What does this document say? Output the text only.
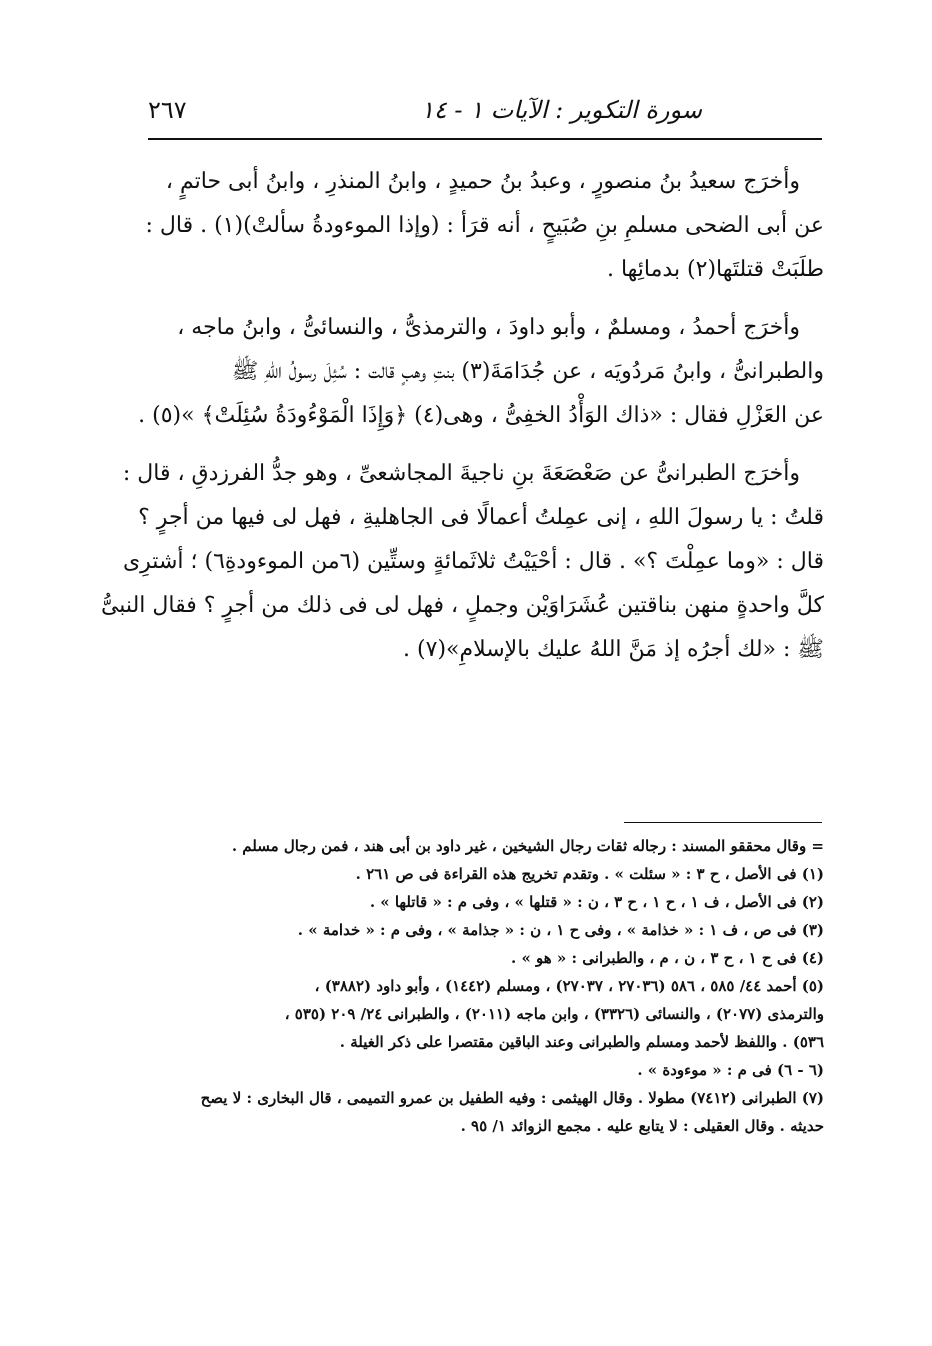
سورة التكوير : الآيات ١ - ١٤
٢٦٧
وأخرَج سعيدُ بنُ منصورٍ ، وعبدُ بنُ حميدٍ ، وابنُ المنذرِ ، وابنُ أبى حاتمٍ ،
عن أبى الضحى مسلمِ بنِ صُبَيحٍ ، أنه قرَأ : (وإذا الموءودةُ سألتْ)(١) . قال :
طلَبَتْ قتلتَها(٢) بدمائِها .
وأخرَج أحمدُ ، ومسلمٌ ، وأبو داودَ ، والترمذىُّ ، والنسائىُّ ، وابنُ ماجه ،
والطبرانىُّ ، وابنُ مَردُويَه ، عن جُدَامَةَ(٣) بنتِ وهبٍ قالت : سُئِلَ رسولُ اللهِ ﷺ
عن العَزْلِ فقال : «ذاك الوَأْدُ الخفِىُّ ، وهى(٤) ﴿وَإِذَا الْمَوْءُودَةُ سُئِلَتْ﴾ »(٥) .
وأخرَج الطبرانىُّ عن صَعْصَعَةَ بنِ ناجيةَ المجاشعىِّ ، وهو جدُّ الفرزدقِ ، قال :
قلتُ : يا رسولَ اللهِ ، إنى عمِلتُ أعمالًا فى الجاهليةِ ، فهل لى فيها من أجرٍ ؟
قال : «وما عمِلْتَ ؟» . قال : أحْيَيْتُ ثلاثَمائةٍ وستِّين (٦من الموءودةِ٦) ؛ أشترِى
كلَّ واحدةٍ منهن بناقتين عُشَرَاوَيْن وجملٍ ، فهل لى فى ذلك من أجرٍ ؟ فقال النبىُّ
ﷺ : «لك أجرُه إذ مَنَّ اللهُ عليك بالإسلامِ»(٧) .
= وقال محققو المسند : رجاله ثقات رجال الشيخين ، غير داود بن أبى هند ، فمن رجال مسلم .
(١) فى الأصل ، ح ٣ : « سئلت » . وتقدم تخريج هذه القراءة فى ص ٢٦١ .
(٢) فى الأصل ، ف ١ ، ح ١ ، ح ٣ ، ن : « قتلها » ، وفى م : « قاتلها » .
(٣) فى ص ، ف ١ : « خذامة » ، وفى ح ١ ، ن : « جذامة » ، وفى م : « خدامة » .
(٤) فى ح ١ ، ح ٣ ، ن ، م ، والطبرانى : « هو » .
(٥) أحمد ٤٤/ ٥٨٥ ، ٥٨٦ (٢٧٠٣٦ ، ٢٧٠٣٧) ، ومسلم (١٤٤٢) ، وأبو داود (٣٨٨٢) ،
والترمذى (٢٠٧٧) ، والنسائى (٣٣٢٦) ، وابن ماجه (٢٠١١) ، والطبرانى ٢٤/ ٢٠٩ (٥٣٥ ،
٥٣٦) . واللفظ لأحمد ومسلم والطبرانى وعند الباقين مقتصرا على ذكر الغيلة .
(٦ - ٦) فى م : « موءودة » .
(٧) الطبرانى (٧٤١٢) مطولا . وقال الهيثمى : وفيه الطفيل بن عمرو التميمى ، قال البخارى : لا يصح
حديثه . وقال العقيلى : لا يتابع عليه . مجمع الزوائد ١/ ٩٥ .
